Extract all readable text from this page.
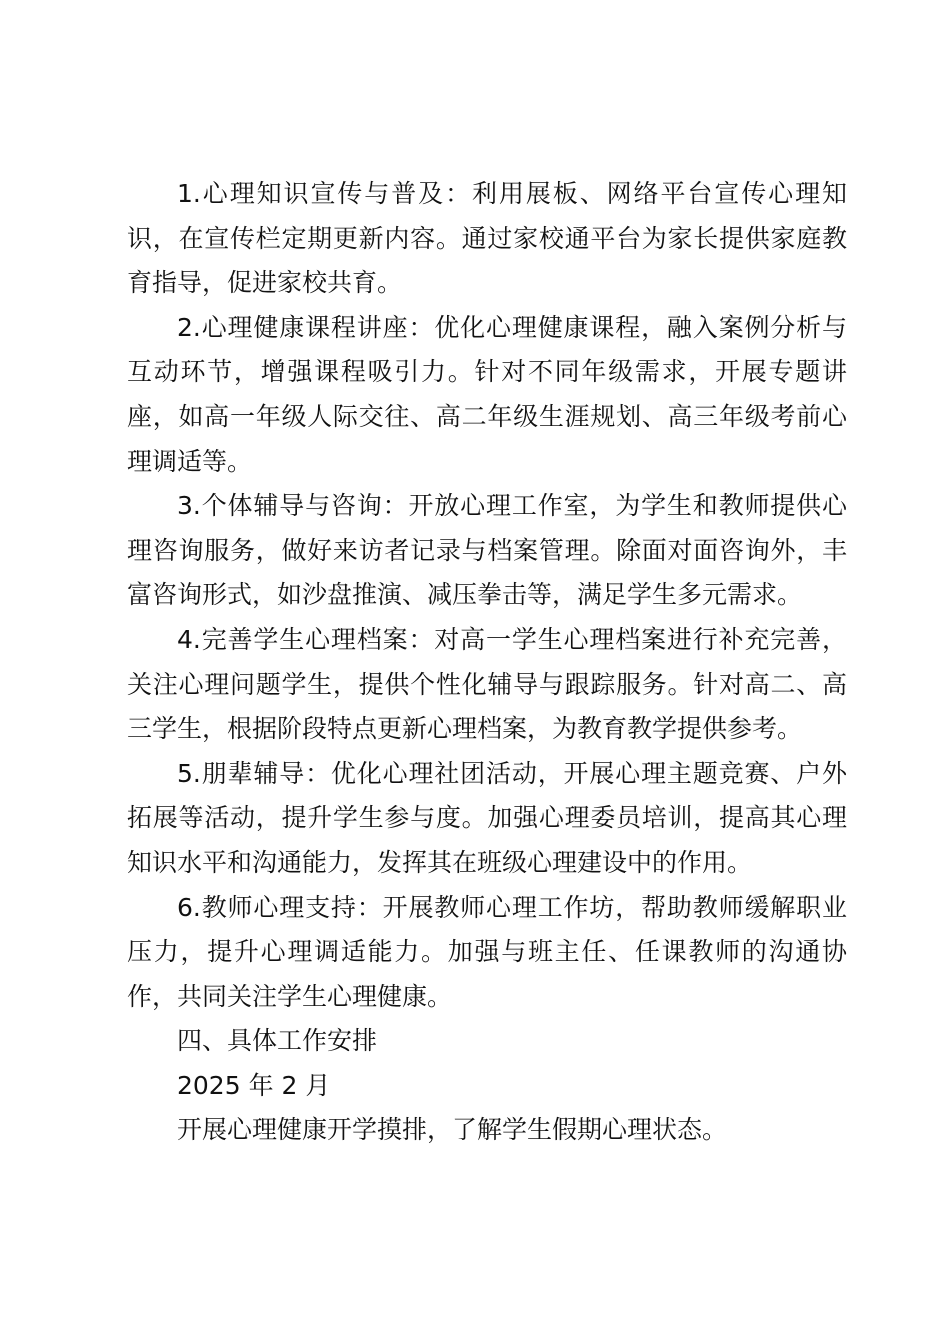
1.心理知识宣传与普及：利用展板、网络平台宣传心理知识，在宣传栏定期更新内容。通过家校通平台为家长提供家庭教育指导，促进家校共育。

2.心理健康课程讲座：优化心理健康课程，融入案例分析与互动环节，增强课程吸引力。针对不同年级需求，开展专题讲座，如高一年级人际交往、高二年级生涯规划、高三年级考前心理调适等。

3.个体辅导与咨询：开放心理工作室，为学生和教师提供心理咨询服务，做好来访者记录与档案管理。除面对面咨询外，丰富咨询形式，如沙盘推演、减压拳击等，满足学生多元需求。

4.完善学生心理档案：对高一学生心理档案进行补充完善，关注心理问题学生，提供个性化辅导与跟踪服务。针对高二、高三学生，根据阶段特点更新心理档案，为教育教学提供参考。

5.朋辈辅导：优化心理社团活动，开展心理主题竞赛、户外拓展等活动，提升学生参与度。加强心理委员培训，提高其心理知识水平和沟通能力，发挥其在班级心理建设中的作用。

6.教师心理支持：开展教师心理工作坊，帮助教师缓解职业压力，提升心理调适能力。加强与班主任、任课教师的沟通协作，共同关注学生心理健康。

四、具体工作安排

2025 年 2 月

开展心理健康开学摸排，了解学生假期心理状态。
